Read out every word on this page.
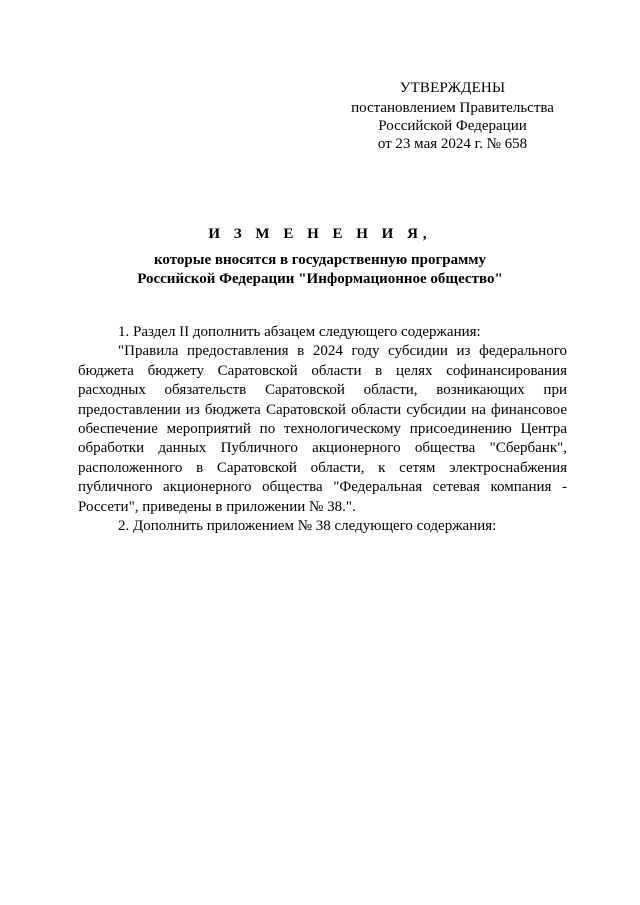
УТВЕРЖДЕНЫ
постановлением Правительства
Российской Федерации
от 23 мая 2024 г. № 658
И З М Е Н Е Н И Я,
которые вносятся в государственную программу
Российской Федерации "Информационное общество"

1. Раздел II дополнить абзацем следующего содержания:

"Правила предоставления в 2024 году субсидии из федерального бюджета бюджету Саратовской области в целях софинансирования расходных обязательств Саратовской области, возникающих при предоставлении из бюджета Саратовской области субсидии на финансовое обеспечение мероприятий по технологическому присоединению Центра обработки данных Публичного акционерного общества "Сбербанк", расположенного в Саратовской области, к сетям электроснабжения публичного акционерного общества "Федеральная сетевая компания - Россети", приведены в приложении № 38.".

2. Дополнить приложением № 38 следующего содержания:
